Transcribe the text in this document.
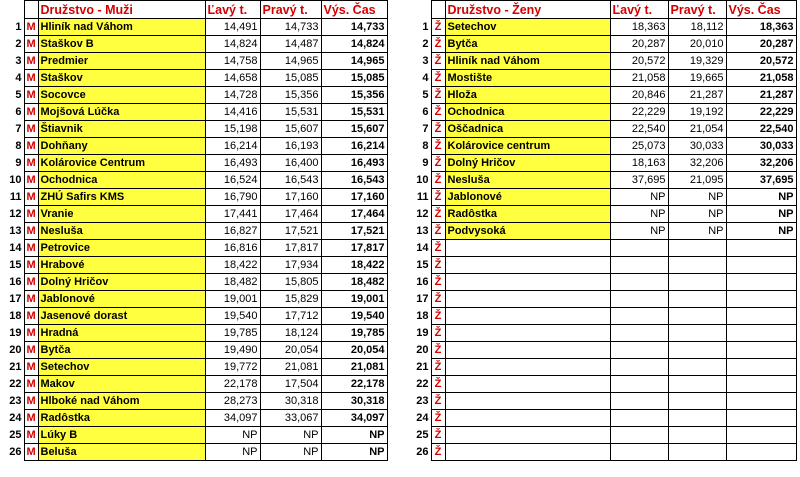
		Družstvo - Muži	Ľavý t.	Pravý t.	Výs. Čas
1	M	Hliník nad Váhom	14,491	14,733	14,733
2	M	Staškov B	14,824	14,487	14,824
3	M	Predmier	14,758	14,965	14,965
4	M	Staškov	14,658	15,085	15,085
5	M	Socovce	14,728	15,356	15,356
6	M	Mojšová Lúčka	14,416	15,531	15,531
7	M	Štiavnik	15,198	15,607	15,607
8	M	Dohňany	16,214	16,193	16,214
9	M	Kolárovice Centrum	16,493	16,400	16,493
10	M	Ochodnica	16,524	16,543	16,543
11	M	ZHÚ Safirs KMS	16,790	17,160	17,160
12	M	Vranie	17,441	17,464	17,464
13	M	Nesluša	16,827	17,521	17,521
14	M	Petrovice	16,816	17,817	17,817
15	M	Hrabové	18,422	17,934	18,422
16	M	Dolný Hričov	18,482	15,805	18,482
17	M	Jablonové	19,001	15,829	19,001
18	M	Jasenové dorast	19,540	17,712	19,540
19	M	Hradná	19,785	18,124	19,785
20	M	Bytča	19,490	20,054	20,054
21	M	Setechov	19,772	21,081	21,081
22	M	Makov	22,178	17,504	22,178
23	M	Hlboké nad Váhom	28,273	30,318	30,318
24	M	Radôstka	34,097	33,067	34,097
25	M	Lúky B	NP	NP	NP
26	M	Beluša	NP	NP	NP
		Družstvo - Ženy	Ľavý t.	Pravý t.	Výs. Čas
1	Ž	Setechov	18,363	18,112	18,363
2	Ž	Bytča	20,287	20,010	20,287
3	Ž	Hliník nad Váhom	20,572	19,329	20,572
4	Ž	Mostište	21,058	19,665	21,058
5	Ž	Hloža	20,846	21,287	21,287
6	Ž	Ochodnica	22,229	19,192	22,229
7	Ž	Oščadnica	22,540	21,054	22,540
8	Ž	Kolárovice centrum	25,073	30,033	30,033
9	Ž	Dolný Hričov	18,163	32,206	32,206
10	Ž	Nesluša	37,695	21,095	37,695
11	Ž	Jablonové	NP	NP	NP
12	Ž	Radôstka	NP	NP	NP
13	Ž	Podvysoká	NP	NP	NP
14	Ž				
15	Ž				
16	Ž				
17	Ž				
18	Ž				
19	Ž				
20	Ž				
21	Ž				
22	Ž				
23	Ž				
24	Ž				
25	Ž				
26	Ž				
